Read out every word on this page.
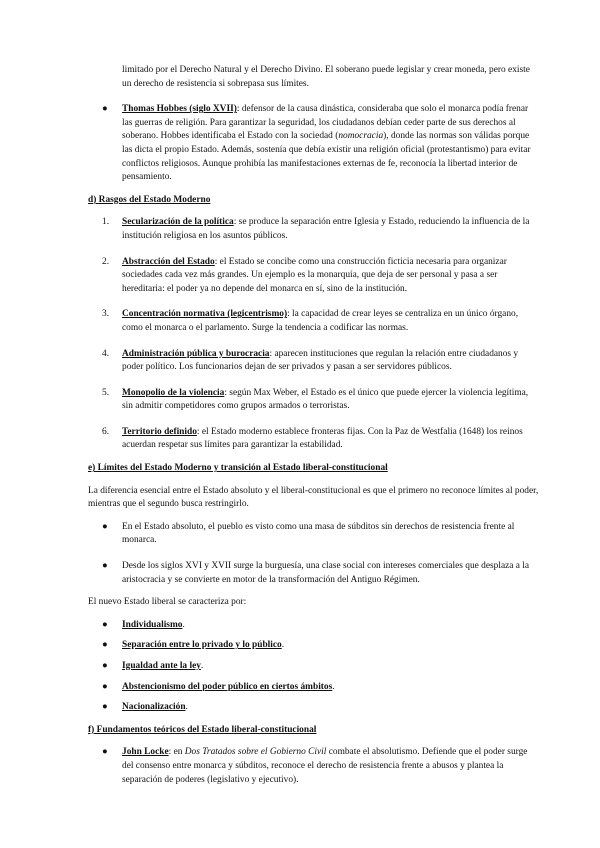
limitado por el Derecho Natural y el Derecho Divino. El soberano puede legislar y crear moneda, pero existe un derecho de resistencia si sobrepasa sus límites.
● Thomas Hobbes (siglo XVII): defensor de la causa dinástica, consideraba que solo el monarca podía frenar las guerras de religión. Para garantizar la seguridad, los ciudadanos debían ceder parte de sus derechos al soberano. Hobbes identificaba el Estado con la sociedad (nomocracia), donde las normas son válidas porque las dicta el propio Estado. Además, sostenía que debía existir una religión oficial (protestantismo) para evitar conflictos religiosos. Aunque prohibía las manifestaciones externas de fe, reconocía la libertad interior de pensamiento.
d) Rasgos del Estado Moderno
1. Secularización de la política: se produce la separación entre Iglesia y Estado, reduciendo la influencia de la institución religiosa en los asuntos públicos.
2. Abstracción del Estado: el Estado se concibe como una construcción ficticia necesaria para organizar sociedades cada vez más grandes. Un ejemplo es la monarquía, que deja de ser personal y pasa a ser hereditaria: el poder ya no depende del monarca en sí, sino de la institución.
3. Concentración normativa (legicentrismo): la capacidad de crear leyes se centraliza en un único órgano, como el monarca o el parlamento. Surge la tendencia a codificar las normas.
4. Administración pública y burocracia: aparecen instituciones que regulan la relación entre ciudadanos y poder político. Los funcionarios dejan de ser privados y pasan a ser servidores públicos.
5. Monopolio de la violencia: según Max Weber, el Estado es el único que puede ejercer la violencia legítima, sin admitir competidores como grupos armados o terroristas.
6. Territorio definido: el Estado moderno establece fronteras fijas. Con la Paz de Westfalia (1648) los reinos acuerdan respetar sus límites para garantizar la estabilidad.
e) Límites del Estado Moderno y transición al Estado liberal-constitucional
La diferencia esencial entre el Estado absoluto y el liberal-constitucional es que el primero no reconoce límites al poder, mientras que el segundo busca restringirlo.
● En el Estado absoluto, el pueblo es visto como una masa de súbditos sin derechos de resistencia frente al monarca.
● Desde los siglos XVI y XVII surge la burguesía, una clase social con intereses comerciales que desplaza a la aristocracia y se convierte en motor de la transformación del Antiguo Régimen.
El nuevo Estado liberal se caracteriza por:
● Individualismo.
● Separación entre lo privado y lo público.
● Igualdad ante la ley.
● Abstencionismo del poder público en ciertos ámbitos.
● Nacionalización.
f) Fundamentos teóricos del Estado liberal-constitucional
● John Locke: en Dos Tratados sobre el Gobierno Civil combate el absolutismo. Defiende que el poder surge del consenso entre monarca y súbditos, reconoce el derecho de resistencia frente a abusos y plantea la separación de poderes (legislativo y ejecutivo).
